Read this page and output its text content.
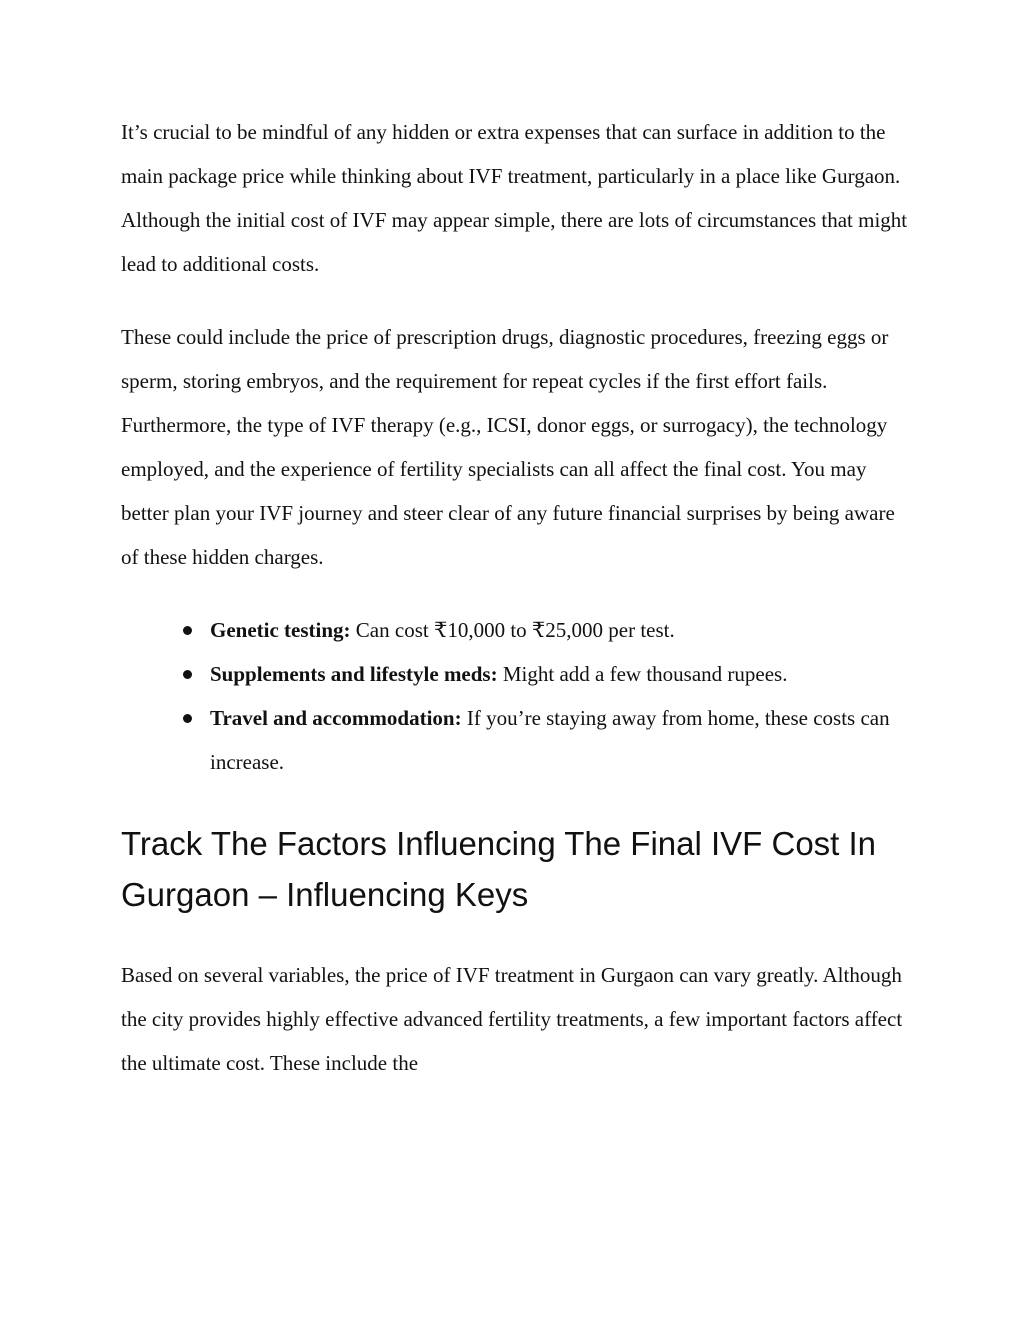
It’s crucial to be mindful of any hidden or extra expenses that can surface in addition to the main package price while thinking about IVF treatment, particularly in a place like Gurgaon. Although the initial cost of IVF may appear simple, there are lots of circumstances that might lead to additional costs.

These could include the price of prescription drugs, diagnostic procedures, freezing eggs or sperm, storing embryos, and the requirement for repeat cycles if the first effort fails. Furthermore, the type of IVF therapy (e.g., ICSI, donor eggs, or surrogacy), the technology employed, and the experience of fertility specialists can all affect the final cost. You may better plan your IVF journey and steer clear of any future financial surprises by being aware of these hidden charges.

Genetic testing: Can cost ₹10,000 to ₹25,000 per test.
Supplements and lifestyle meds: Might add a few thousand rupees.
Travel and accommodation: If you’re staying away from home, these costs can increase.
Track The Factors Influencing The Final IVF Cost In Gurgaon – Influencing Keys

Based on several variables, the price of IVF treatment in Gurgaon can vary greatly. Although the city provides highly effective advanced fertility treatments, a few important factors affect the ultimate cost. These include the
